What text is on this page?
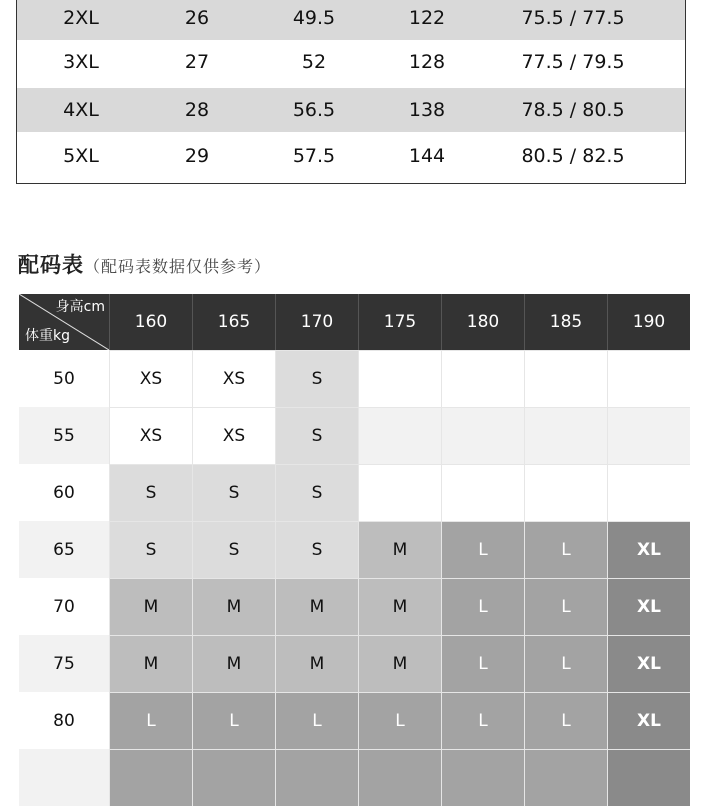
2XL	26	49.5	122	75.5 / 77.5
3XL	27	52	128	77.5 / 79.5
4XL	28	56.5	138	78.5 / 80.5
5XL	29	57.5	144	80.5 / 82.5
配码表（配码表数据仅供参考）
身高cm
体重kg
160	165	170	175	180	185	190
50	XS	XS	S
55	XS	XS	S
60	S	S	S
65	S	S	S	M	L	L	XL
70	M	M	M	M	L	L	XL
75	M	M	M	M	L	L	XL
80	L	L	L	L	L	L	XL
